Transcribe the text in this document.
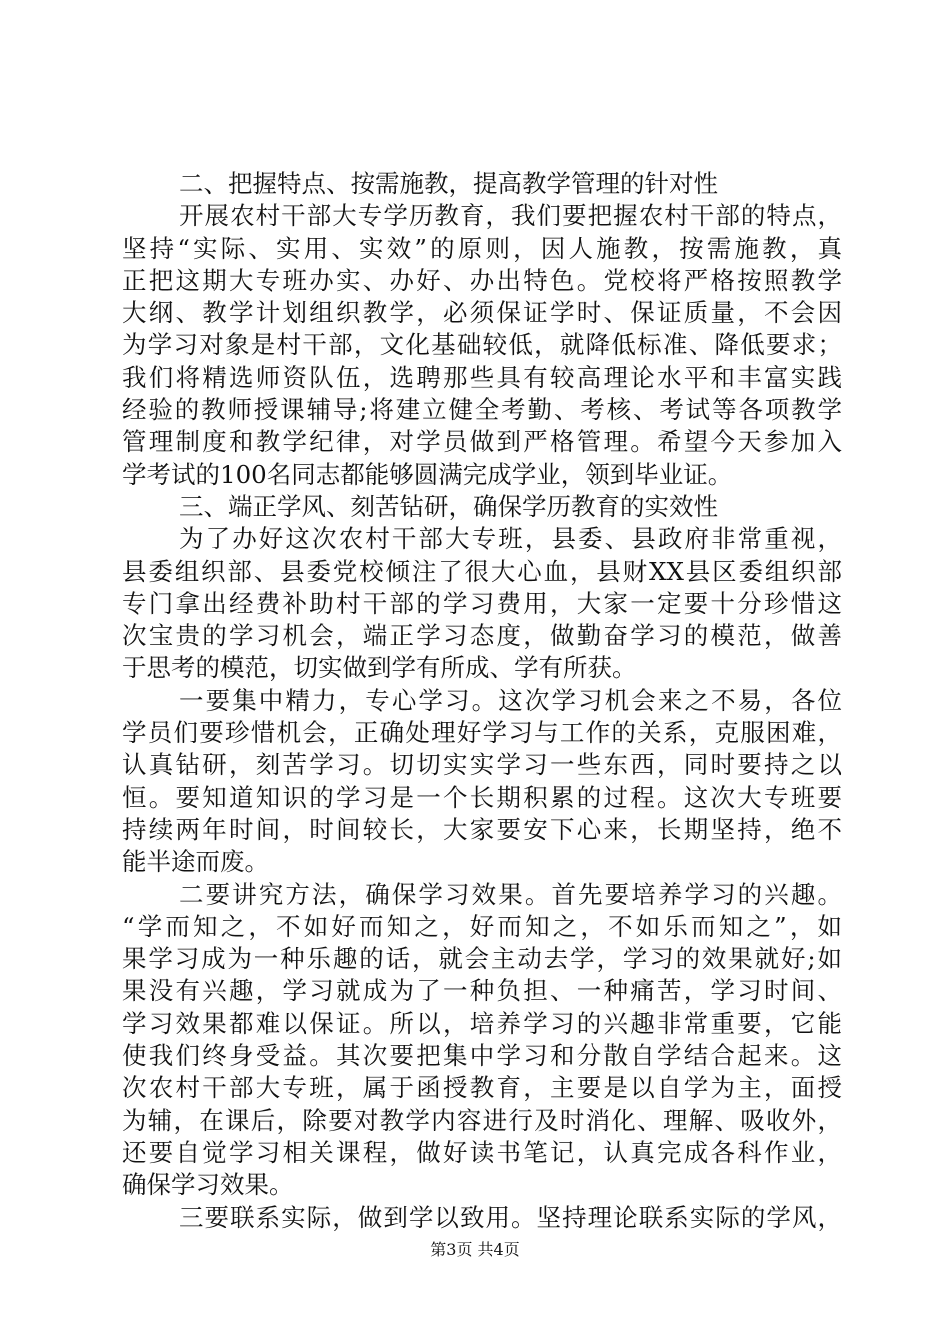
二、把握特点、按需施教，提高教学管理的针对性
开展农村干部大专学历教育，我们要把握农村干部的特点，
坚持“实际、实用、实效”的原则，因人施教，按需施教，真
正把这期大专班办实、办好、办出特色。党校将严格按照教学
大纲、教学计划组织教学，必须保证学时、保证质量，不会因
为学习对象是村干部，文化基础较低，就降低标准、降低要求；
我们将精选师资队伍，选聘那些具有较高理论水平和丰富实践
经验的教师授课辅导;将建立健全考勤、考核、考试等各项教学
管理制度和教学纪律，对学员做到严格管理。希望今天参加入
学考试的100名同志都能够圆满完成学业，领到毕业证。
三、端正学风、刻苦钻研，确保学历教育的实效性
为了办好这次农村干部大专班，县委、县政府非常重视，
县委组织部、县委党校倾注了很大心血，县财XX县区委组织部
专门拿出经费补助村干部的学习费用，大家一定要十分珍惜这
次宝贵的学习机会，端正学习态度，做勤奋学习的模范，做善
于思考的模范，切实做到学有所成、学有所获。
一要集中精力，专心学习。这次学习机会来之不易，各位
学员们要珍惜机会，正确处理好学习与工作的关系，克服困难，
认真钻研，刻苦学习。切切实实学习一些东西，同时要持之以
恒。要知道知识的学习是一个长期积累的过程。这次大专班要
持续两年时间，时间较长，大家要安下心来，长期坚持，绝不
能半途而废。
二要讲究方法，确保学习效果。首先要培养学习的兴趣。
“学而知之，不如好而知之，好而知之，不如乐而知之”，如
果学习成为一种乐趣的话，就会主动去学，学习的效果就好;如
果没有兴趣，学习就成为了一种负担、一种痛苦，学习时间、
学习效果都难以保证。所以，培养学习的兴趣非常重要，它能
使我们终身受益。其次要把集中学习和分散自学结合起来。这
次农村干部大专班，属于函授教育，主要是以自学为主，面授
为辅，在课后，除要对教学内容进行及时消化、理解、吸收外，
还要自觉学习相关课程，做好读书笔记，认真完成各科作业，
确保学习效果。
三要联系实际，做到学以致用。坚持理论联系实际的学风，
第3页 共4页
